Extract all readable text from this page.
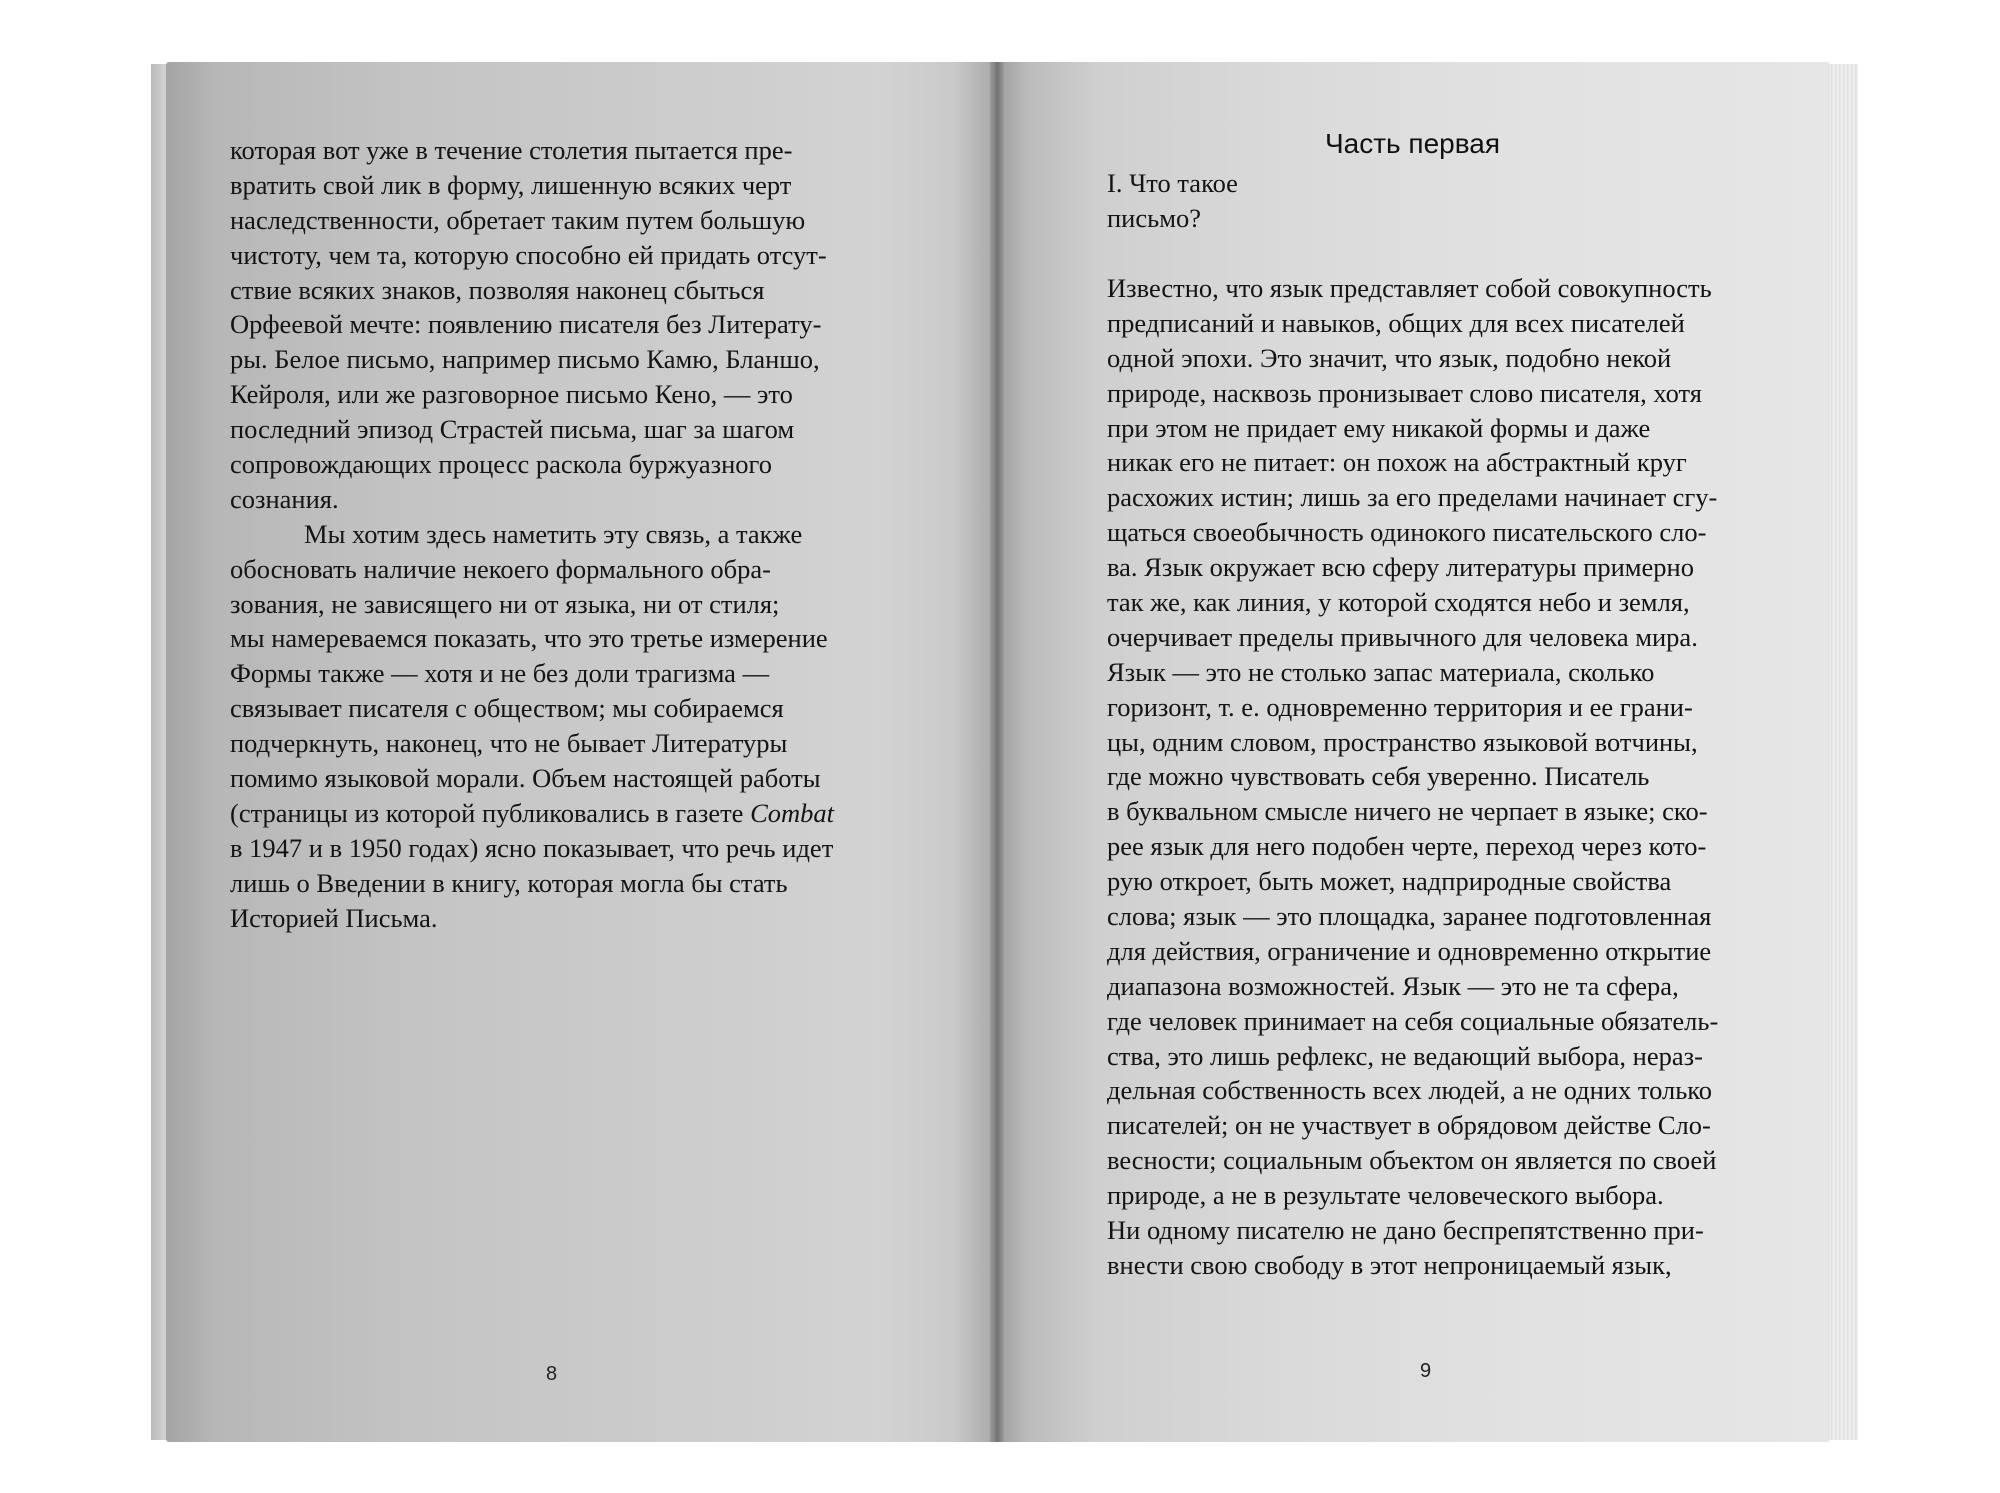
которая вот уже в течение столетия пытается пре-
вратить свой лик в форму, лишенную всяких черт
наследственности, обретает таким путем большую
чистоту, чем та, которую способно ей придать отсут-
ствие всяких знаков, позволяя наконец сбыться
Орфеевой мечте: появлению писателя без Литерату-
ры. Белое письмо, например письмо Камю, Бланшо,
Кейроля, или же разговорное письмо Кено, — это
последний эпизод Страстей письма, шаг за шагом
сопровождающих процесс раскола буржуазного
сознания.
Мы хотим здесь наметить эту связь, а также
обосновать наличие некоего формального обра-
зования, не зависящего ни от языка, ни от стиля;
мы намереваемся показать, что это третье измерение
Формы также — хотя и не без доли трагизма —
связывает писателя с обществом; мы собираемся
подчеркнуть, наконец, что не бывает Литературы
помимо языковой морали. Объем настоящей работы
(страницы из которой публиковались в газете Combat
в 1947 и в 1950 годах) ясно показывает, что речь идет
лишь о Введении в книгу, которая могла бы стать
Историей Письма.
8
Часть первая
I. Что такое
письмо?
Известно, что язык представляет собой совокупность
предписаний и навыков, общих для всех писателей
одной эпохи. Это значит, что язык, подобно некой
природе, насквозь пронизывает слово писателя, хотя
при этом не придает ему никакой формы и даже
никак его не питает: он похож на абстрактный круг
расхожих истин; лишь за его пределами начинает сгу-
щаться своеобычность одинокого писательского сло-
ва. Язык окружает всю сферу литературы примерно
так же, как линия, у которой сходятся небо и земля,
очерчивает пределы привычного для человека мира.
Язык — это не столько запас материала, сколько
горизонт, т. е. одновременно территория и ее грани-
цы, одним словом, пространство языковой вотчины,
где можно чувствовать себя уверенно. Писатель
в буквальном смысле ничего не черпает в языке; ско-
рее язык для него подобен черте, переход через кото-
рую откроет, быть может, надприродные свойства
слова; язык — это площадка, заранее подготовленная
для действия, ограничение и одновременно открытие
диапазона возможностей. Язык — это не та сфера,
где человек принимает на себя социальные обязатель-
ства, это лишь рефлекс, не ведающий выбора, нераз-
дельная собственность всех людей, а не одних только
писателей; он не участвует в обрядовом действе Сло-
весности; социальным объектом он является по своей
природе, а не в результате человеческого выбора.
Ни одному писателю не дано беспрепятственно при-
внести свою свободу в этот непроницаемый язык,
9
